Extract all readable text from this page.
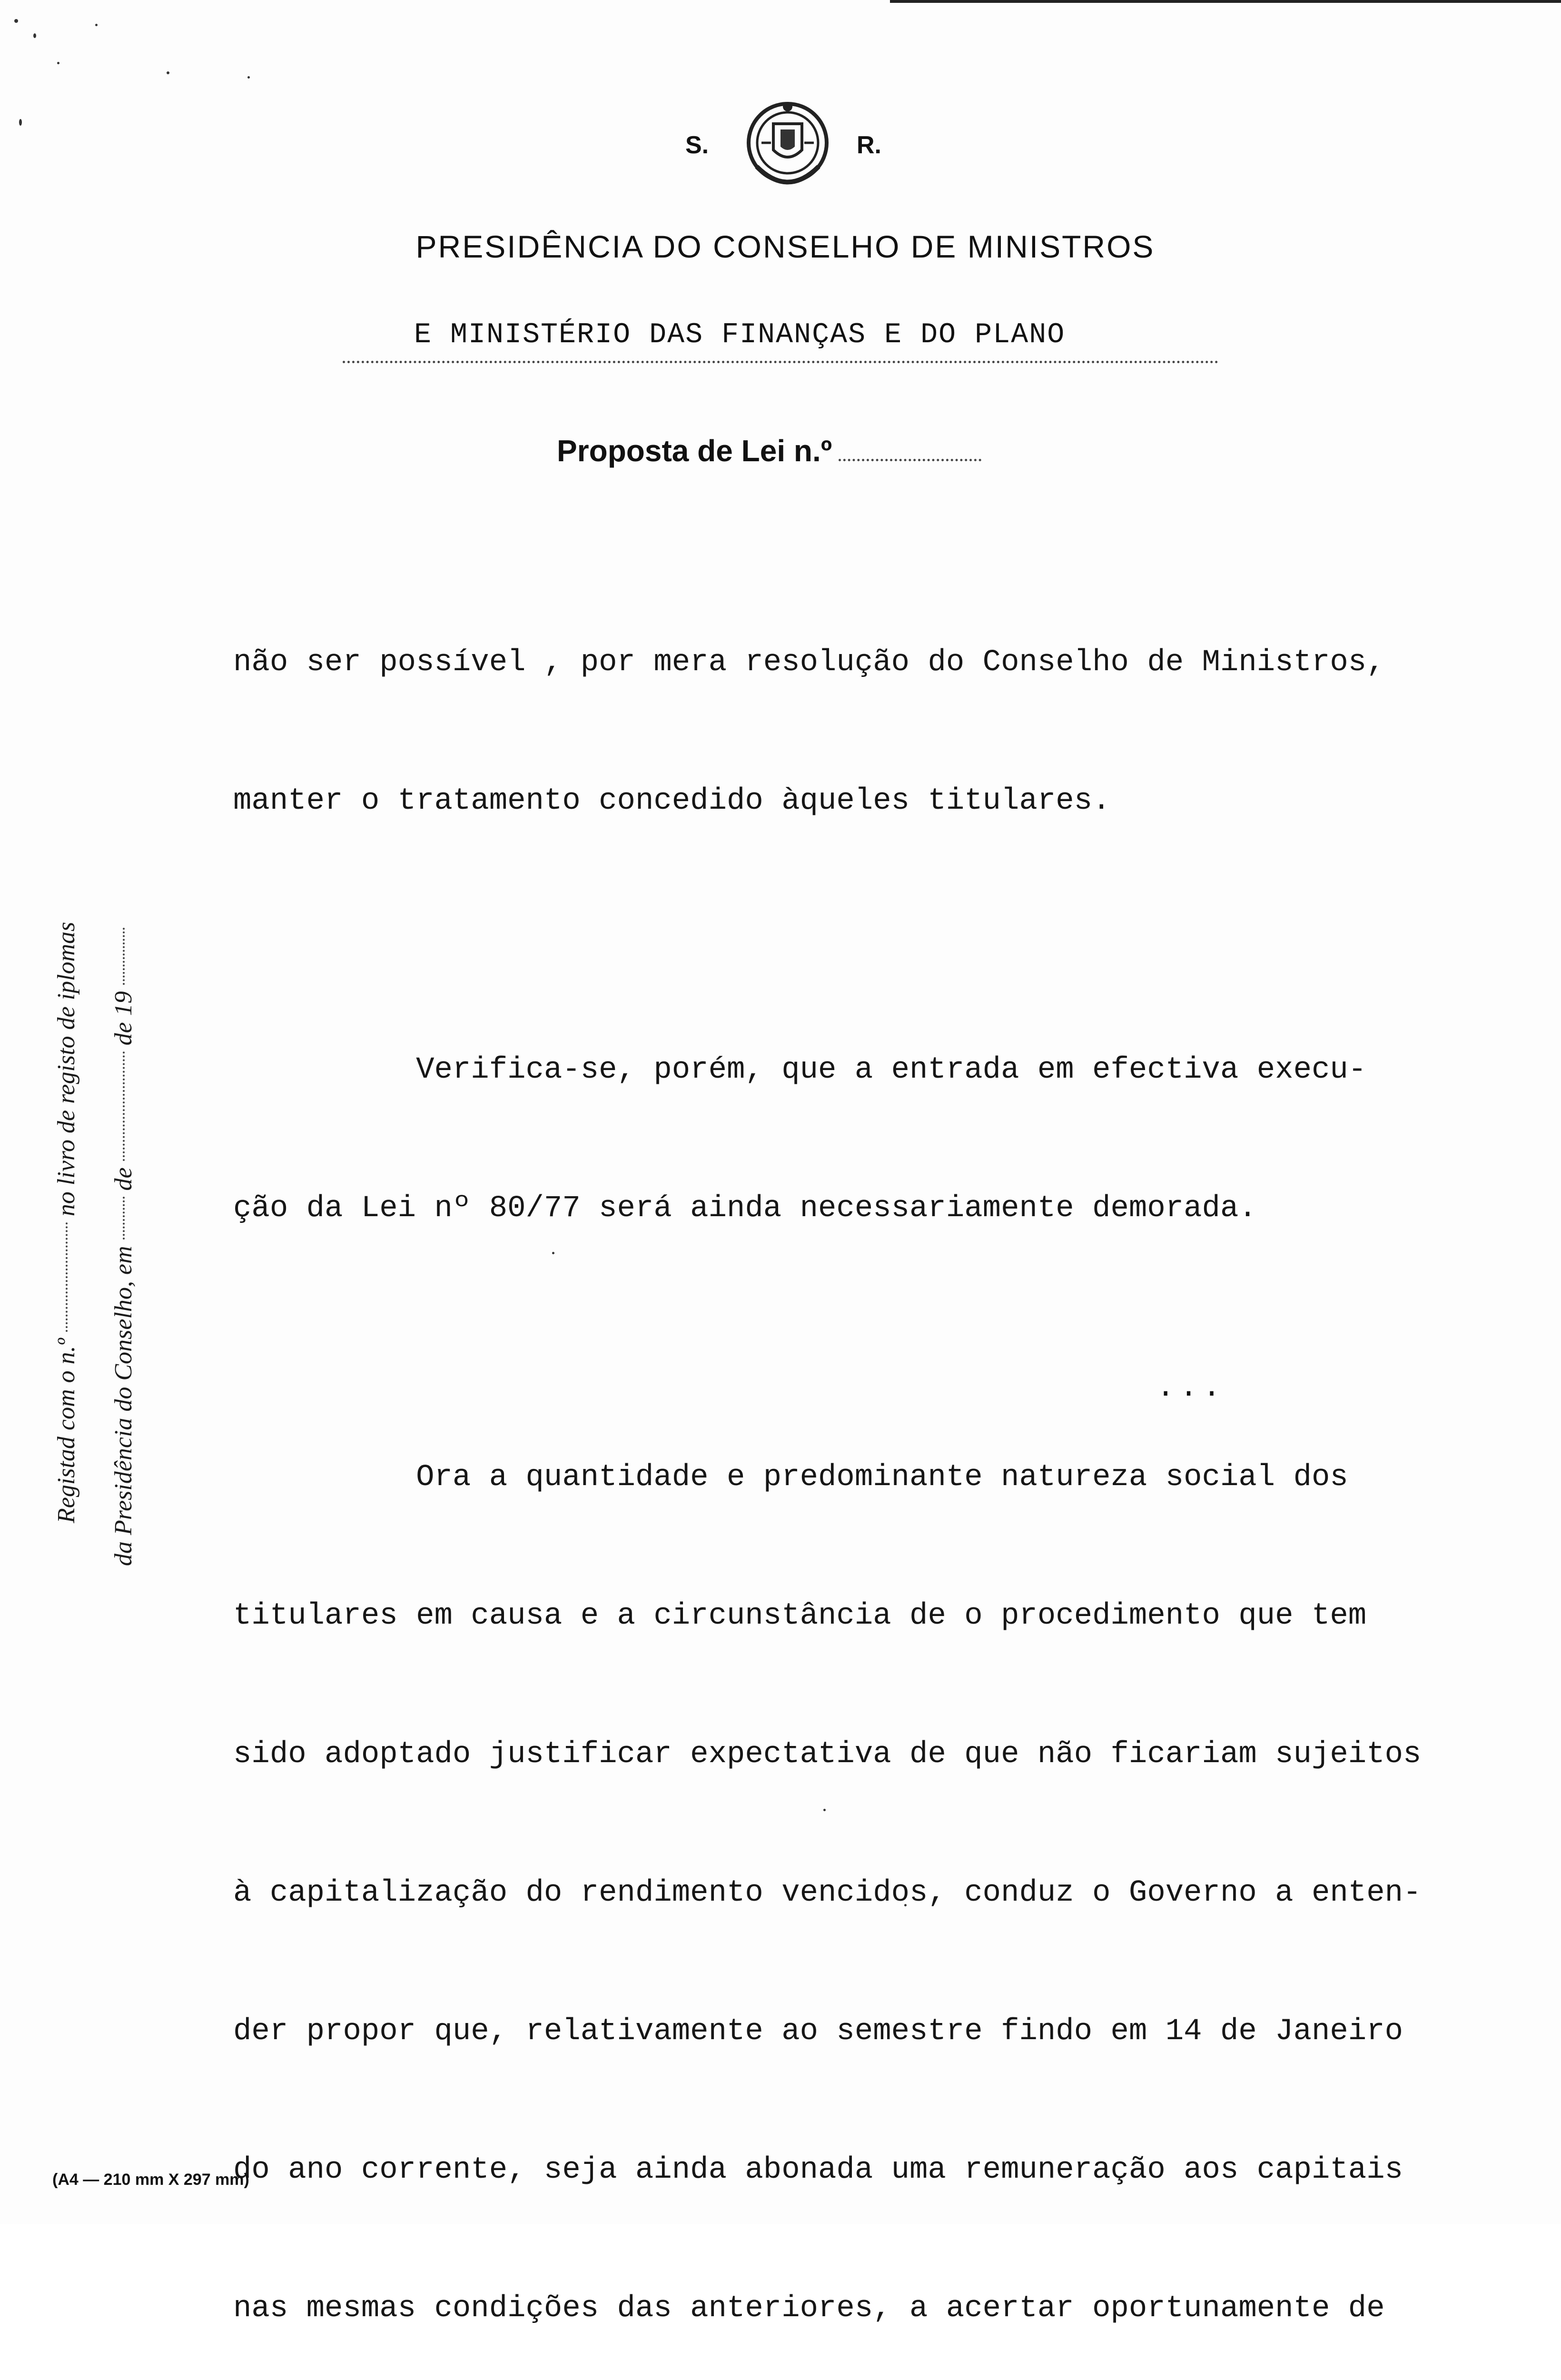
S.	R.
PRESIDÊNCIA DO CONSELHO DE MINISTROS
E MINISTÉRIO DAS FINANÇAS E DO PLANO
Proposta de Lei n.º

não ser possível , por mera resolução do Conselho de Ministros,

manter o tratamento concedido àqueles titulares.

Verifica-se, porém, que a entrada em efectiva execu-

ção da Lei nº 80/77 será ainda necessariamente demorada.

Ora a quantidade e predominante natureza social dos

titulares em causa e a circunstância de o procedimento que tem

sido adoptado justificar expectativa de que não ficariam sujeitos

à capitalização do rendimento vencidos, conduz o Governo a enten-

der propor que, relativamente ao semestre findo em 14 de Janeiro

do ano corrente, seja ainda abonada uma remuneração aos capitais

nas mesmas condições das anteriores, a acertar oportunamente de

...
Registad com o n.º  no livro de registo de iplomas
da Presidência do Conselho, em  de  de 19
(A4 — 210 mm X 297 mm)
